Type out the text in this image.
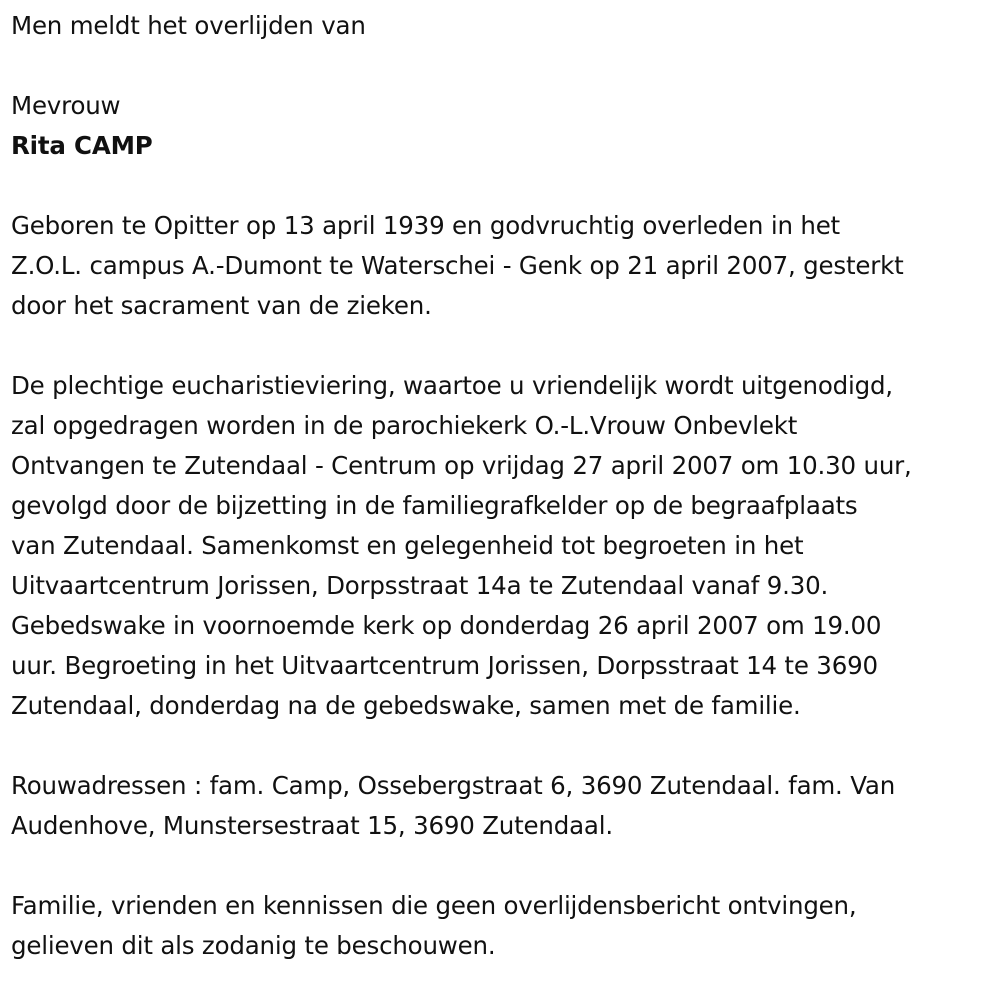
Men meldt het overlijden van
Mevrouw
Rita CAMP
Geboren te Opitter op 13 april 1939 en godvruchtig overleden in het
Z.O.L. campus A.-Dumont te Waterschei - Genk op 21 april 2007, gesterkt
door het sacrament van de zieken.
De plechtige eucharistieviering, waartoe u vriendelijk wordt uitgenodigd,
zal opgedragen worden in de parochiekerk O.-L.Vrouw Onbevlekt
Ontvangen te Zutendaal - Centrum op vrijdag 27 april 2007 om 10.30 uur,
gevolgd door de bijzetting in de familiegrafkelder op de begraafplaats
van Zutendaal. Samenkomst en gelegenheid tot begroeten in het
Uitvaartcentrum Jorissen, Dorpsstraat 14a te Zutendaal vanaf 9.30.
Gebedswake in voornoemde kerk op donderdag 26 april 2007 om 19.00
uur. Begroeting in het Uitvaartcentrum Jorissen, Dorpsstraat 14 te 3690
Zutendaal, donderdag na de gebedswake, samen met de familie.
Rouwadressen : fam. Camp, Ossebergstraat 6, 3690 Zutendaal. fam. Van
Audenhove, Munstersestraat 15, 3690 Zutendaal.
Familie, vrienden en kennissen die geen overlijdensbericht ontvingen,
gelieven dit als zodanig te beschouwen.
